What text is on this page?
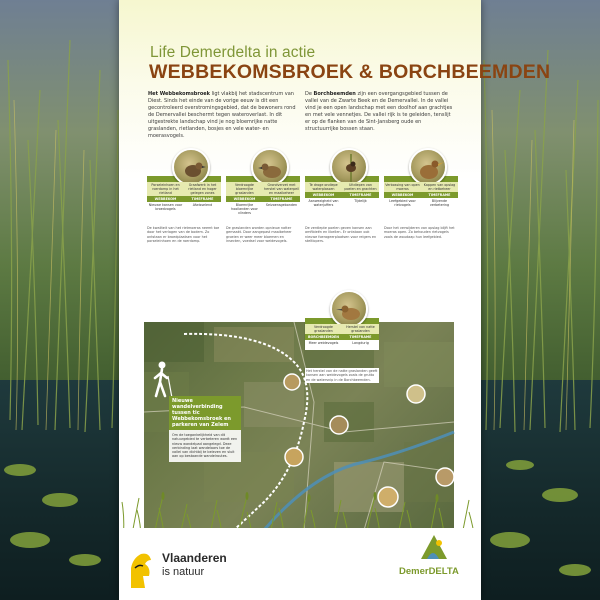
Life Demerdelta in actie
WEBBEKOMSBROEK & BORCHBEEMDEN
Het Webbekomsbroek ligt vlakbij het stadscentrum van Diest. Sinds het einde van de vorige eeuw is dit een gecontroleerd overstromingsgebied, dat de bewoners rond de Demervallei beschermt tegen wateroverlast. In dit uitgestrekte landschap vind je nog bloemrijke natte graslanden, rietlanden, bosjes en vele water- en moerasvogels.
De Borchbeemden zijn een overgangsgebied tussen de vallei van de Zwarte Beek en de Demervallei. In de vallei vind je een open landschap met een doolhof aan grachtjes en met vele vennetjes. De vallei rijk is te geleiden, tenslijt er op de flanken van de Sint-Jansberg oude en structuurrijke bossen staan.
Porseleinhoen en roerdomp in het rietland
Graafwerk in het rietland en hoger gelegen zones
WEBBEKOM	TIMEFRAME
Nieuwe kansen voor broedvogels
Afwisselend
De kwaliteit van het rietmoeras neemt toe door het verlagen van de bodem. Zo ontstaan er broedplaatsen voor het porseleinhoen en de roerdomp.
Verdroogde bloemrijke graslanden
Grondverzet met herstel van waterpeil en maaibeheer
WEBBEKOM	TIMEFRAME
Bloemrijke hooilanden voor vlinders
Seizoensgebonden
De graslanden worden opnieuw natter gemaakt. Door aangepast maaibeheer groeien er weer meer bloemen en insecten, voedsel voor weidevogels.
Te droge ondiepe waterplassen
Uitdiepen van poelen en grachten
WEBBEKOM	TIMEFRAME
Aanwezigheid van waterjuffers
Tijdelijk
De verdiepte poelen geven kansen aan amfibieën en libellen. Er ontstaan ook nieuwe foerageerplaatsen voor reigers en steltlopers.
Verbossing van open moeras
Kappen van opslag en rietbeheer
WEBBEKOM	TIMEFRAME
Leefgebied voor rietvogels
Blijvende verbetering
Door het verwijderen van opslag blijft het moeras open. Zo behouden rietvogels zoals de woudaap hun leefgebied.
Verdroogde graslanden
Herstel van natte graslanden
BORCHBEEMDEN	TIMEFRAME
Meer weidevogels	Langdurig
Het herstel van de natte graslanden geeft kansen aan weidevogels zoals de grutto en de watersnip in de Borchbeemden.
Nieuwe wandelverbinding tussen tic Webbekomsbroek en parkeren van Zelem
Om de toegankelijkheid van dit natuurgebied te verbeteren wordt een nieuw wandelpad aangelegd. Deze verbinding laat wandelaars toe de vallei van dichtbij te beleven en sluit aan op bestaande wandelroutes.
Vlaanderen
is natuur	DemerDELTA
